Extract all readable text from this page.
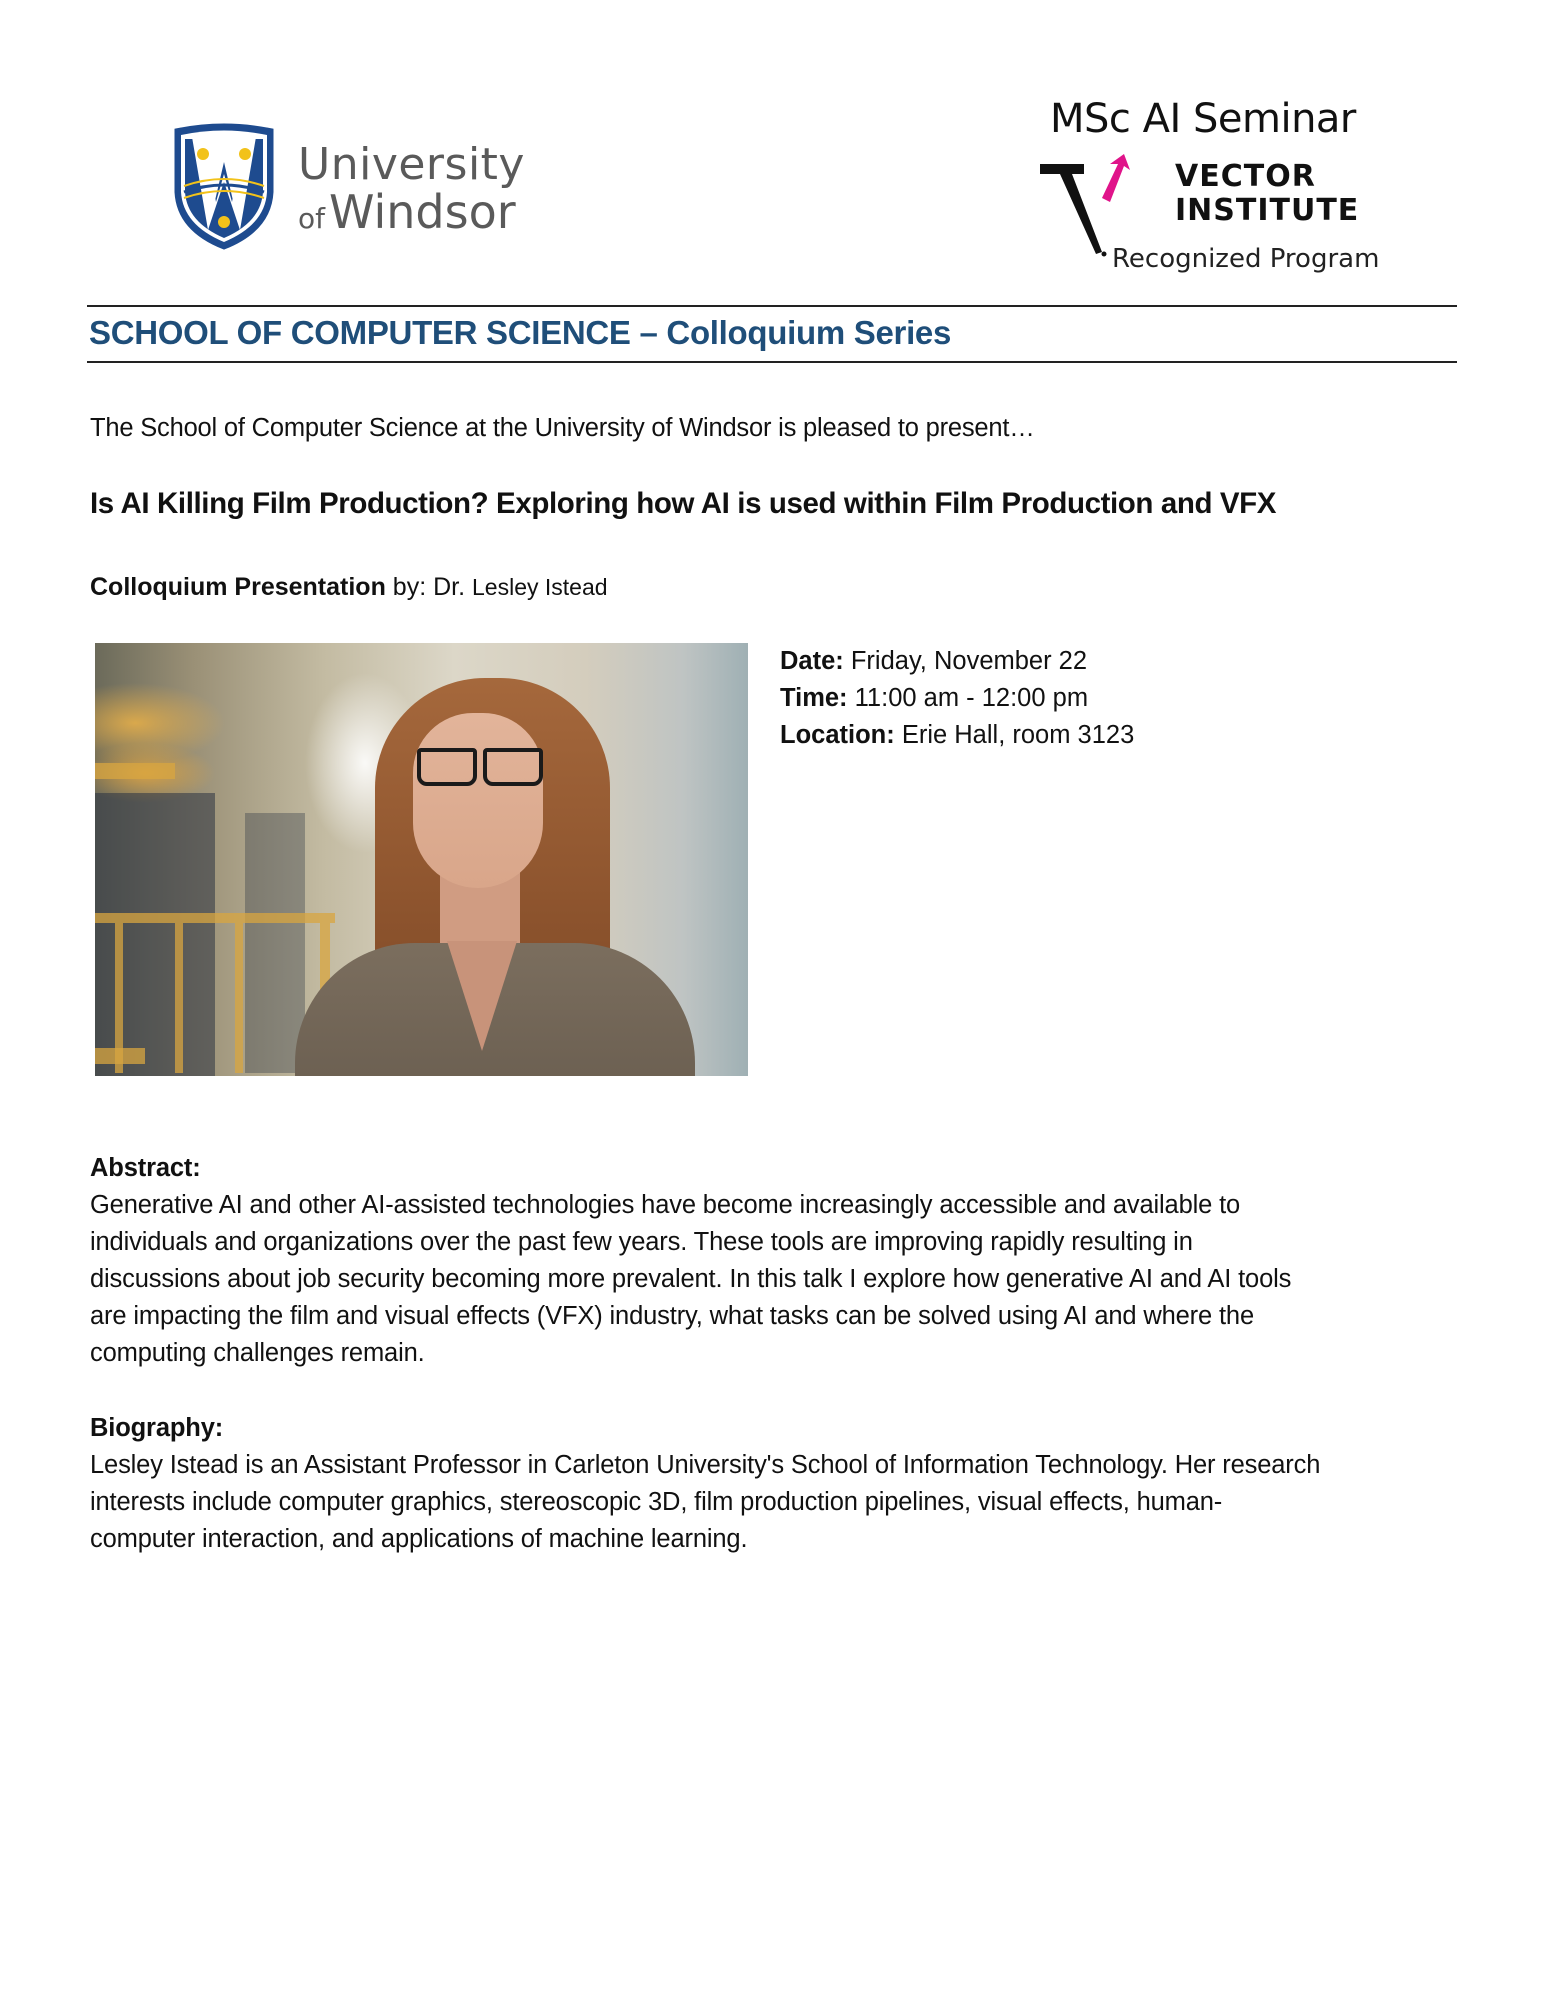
University
ofWindsor
MSc AI Seminar
VECTOR
INSTITUTE
Recognized Program
SCHOOL OF COMPUTER SCIENCE – Colloquium Series
The School of Computer Science at the University of Windsor is pleased to present…
Is AI Killing Film Production? Exploring how AI is used within Film Production and VFX
Colloquium Presentation by: Dr. Lesley Istead
Date: Friday, November 22
Time: 11:00 am - 12:00 pm
Location: Erie Hall, room 3123
Abstract:
Generative AI and other AI-assisted technologies have become increasingly accessible and available to
individuals and organizations over the past few years. These tools are improving rapidly resulting in
discussions about job security becoming more prevalent. In this talk I explore how generative AI and AI tools
are impacting the film and visual effects (VFX) industry, what tasks can be solved using AI and where the
computing challenges remain.
Biography:
Lesley Istead is an Assistant Professor in Carleton University's School of Information Technology. Her research
interests include computer graphics, stereoscopic 3D, film production pipelines, visual effects, human-
computer interaction, and applications of machine learning.
